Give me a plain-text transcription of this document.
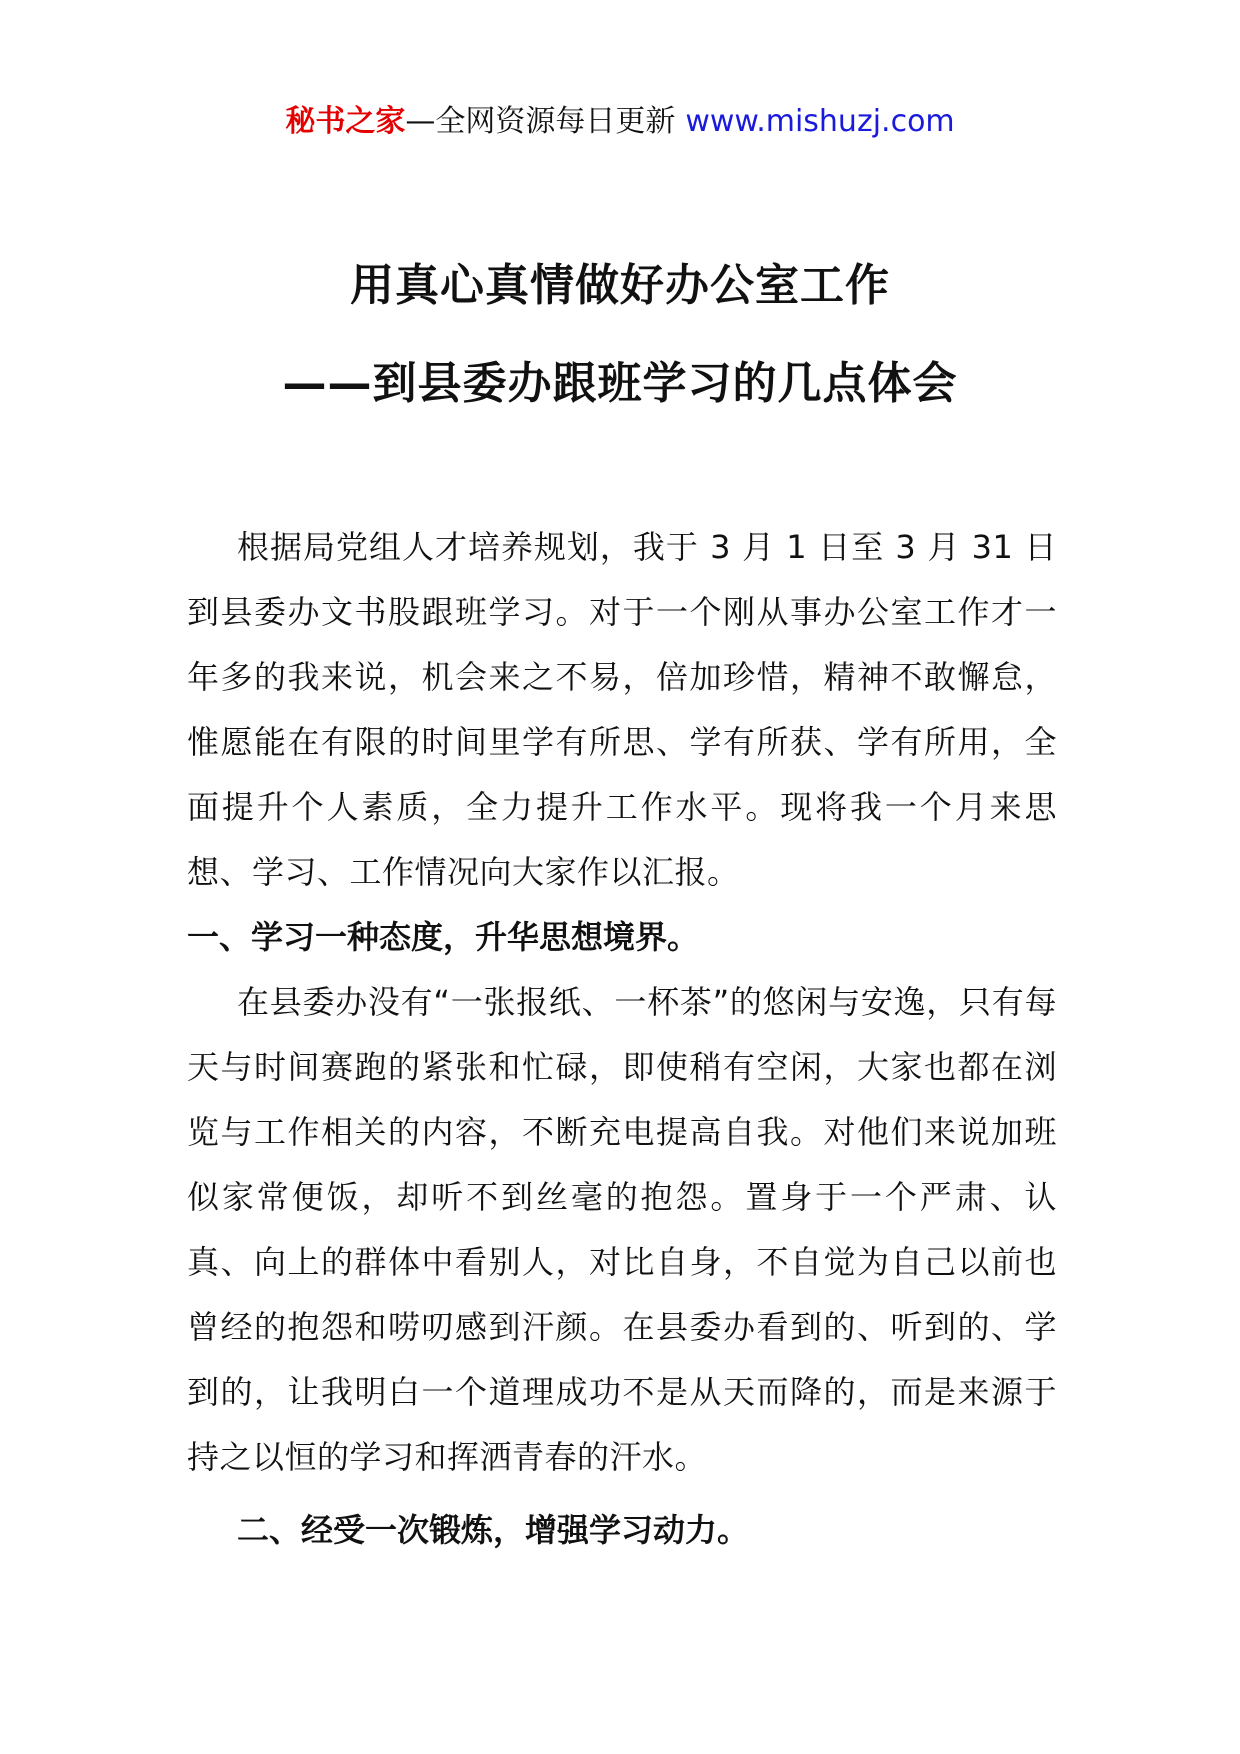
秘书之家—全网资源每日更新 www.mishuzj.com
用真心真情做好办公室工作
——到县委办跟班学习的几点体会

根据局党组人才培养规划，我于 3 月 1 日至 3 月 31 日到县委办文书股跟班学习。对于一个刚从事办公室工作才一年多的我来说，机会来之不易，倍加珍惜，精神不敢懈怠，惟愿能在有限的时间里学有所思、学有所获、学有所用，全面提升个人素质，全力提升工作水平。现将我一个月来思想、学习、工作情况向大家作以汇报。

一、学习一种态度，升华思想境界。

在县委办没有“一张报纸、一杯茶”的悠闲与安逸，只有每天与时间赛跑的紧张和忙碌，即使稍有空闲，大家也都在浏览与工作相关的内容，不断充电提高自我。对他们来说加班似家常便饭，却听不到丝毫的抱怨。置身于一个严肃、认真、向上的群体中看别人，对比自身，不自觉为自己以前也曾经的抱怨和唠叨感到汗颜。在县委办看到的、听到的、学到的，让我明白一个道理成功不是从天而降的，而是来源于持之以恒的学习和挥洒青春的汗水。

二、经受一次锻炼，增强学习动力。
